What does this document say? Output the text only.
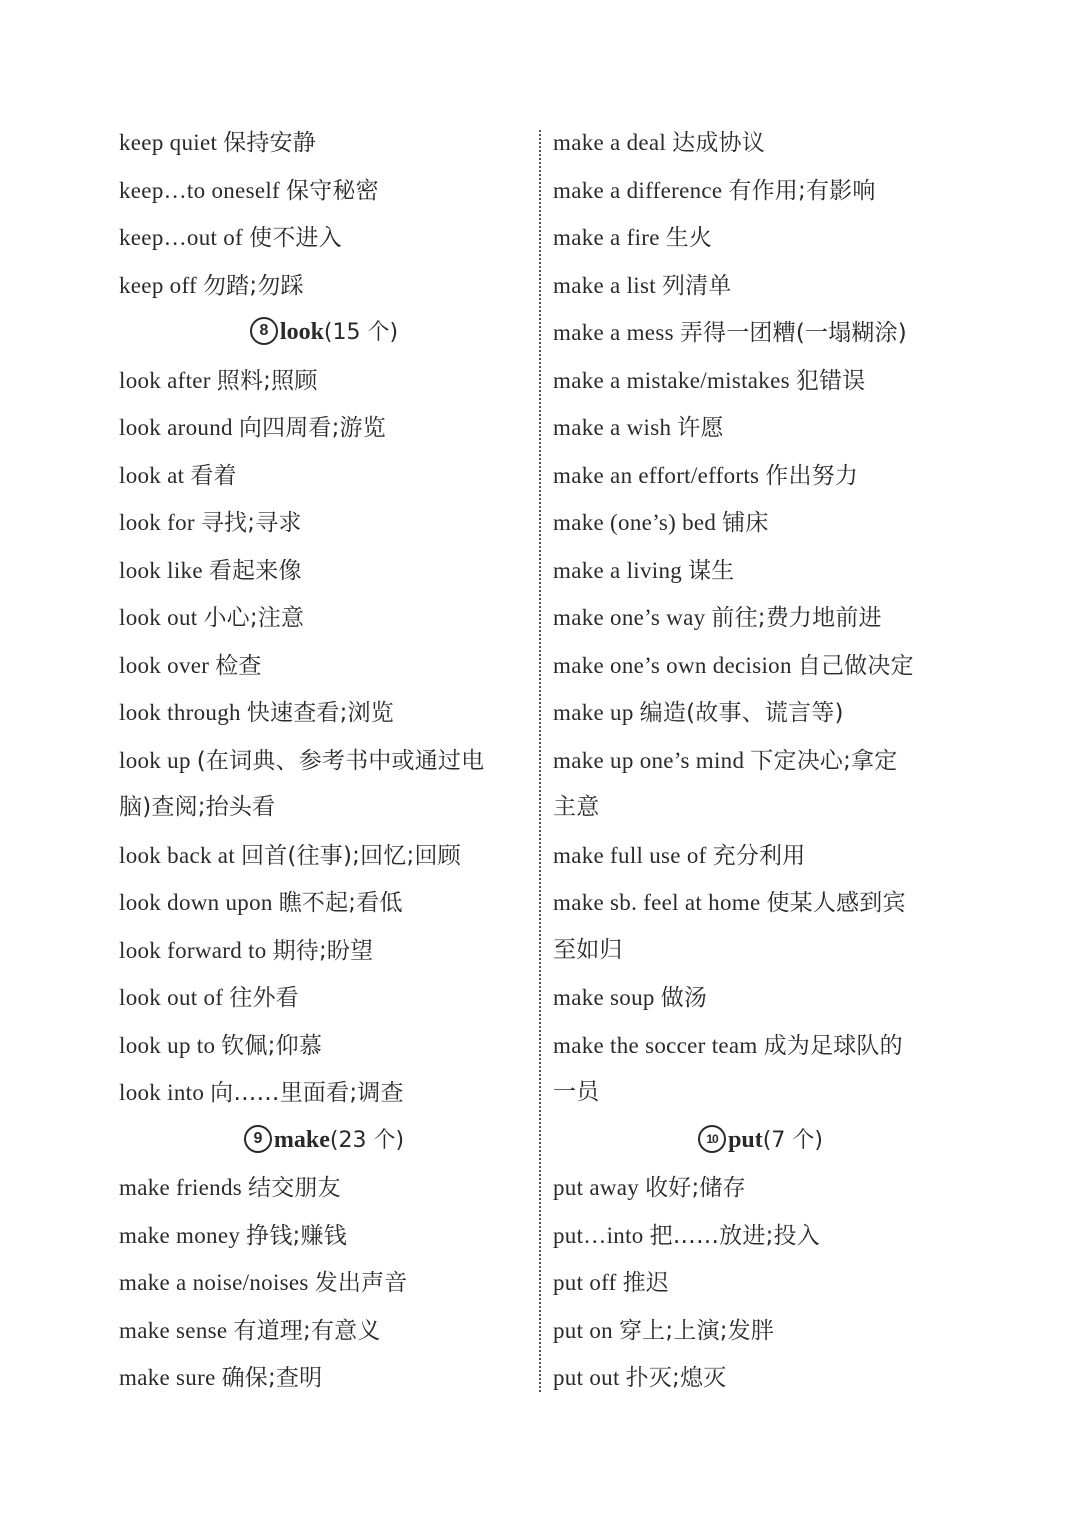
keep quiet 保持安静
keep…to oneself 保守秘密
keep…out of 使不进入
keep off 勿踏;勿踩
8 look(15 个)
look after 照料;照顾
look around 向四周看;游览
look at 看着
look for 寻找;寻求
look like 看起来像
look out 小心;注意
look over 检查
look through 快速查看;浏览
look up (在词典、参考书中或通过电
脑)查阅;抬头看
look back at 回首(往事);回忆;回顾
look down upon 瞧不起;看低
look forward to 期待;盼望
look out of 往外看
look up to 钦佩;仰慕
look into 向……里面看;调查
9 make(23 个)
make friends 结交朋友
make money 挣钱;赚钱
make a noise/noises 发出声音
make sense 有道理;有意义
make sure 确保;查明
make a deal 达成协议
make a difference 有作用;有影响
make a fire 生火
make a list 列清单
make a mess 弄得一团糟(一塌糊涂)
make a mistake/mistakes 犯错误
make a wish 许愿
make an effort/efforts 作出努力
make (one’s) bed 铺床
make a living 谋生
make one’s way 前往;费力地前进
make one’s own decision 自己做决定
make up 编造(故事、谎言等)
make up one’s mind 下定决心;拿定
主意
make full use of 充分利用
make sb. feel at home 使某人感到宾
至如归
make soup 做汤
make the soccer team 成为足球队的
一员
10 put(7 个)
put away 收好;储存
put…into 把……放进;投入
put off 推迟
put on 穿上;上演;发胖
put out 扑灭;熄灭
